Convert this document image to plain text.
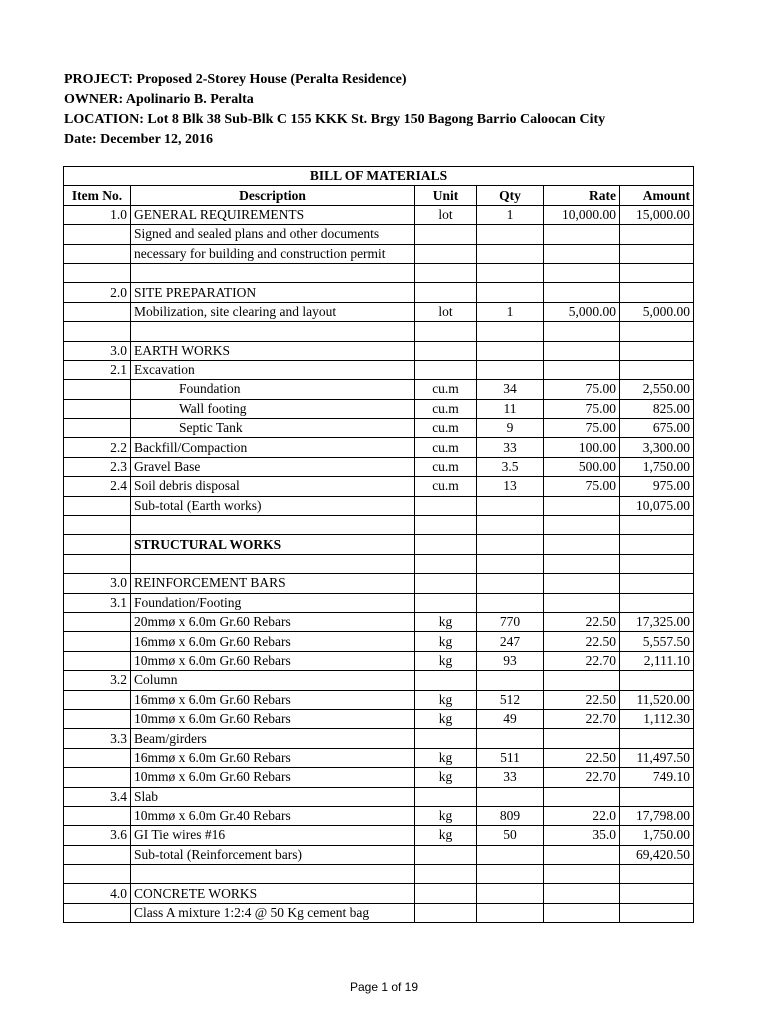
PROJECT: Proposed 2-Storey House (Peralta Residence)
OWNER: Apolinario B. Peralta
LOCATION: Lot 8 Blk 38 Sub-Blk C 155 KKK St. Brgy 150 Bagong Barrio Caloocan City
Date: December 12, 2016
BILL OF MATERIALS					
Item No.	Description	Unit	Qty	Rate	Amount
1.0	GENERAL REQUIREMENTS	lot	1	10,000.00	15,000.00
	Signed and sealed plans and other documents				
	necessary for building and construction permit				

2.0	SITE PREPARATION				
	Mobilization, site clearing and layout	lot	1	5,000.00	5,000.00

3.0	EARTH WORKS				
2.1	Excavation				
	Foundation	cu.m	34	75.00	2,550.00
	Wall footing	cu.m	11	75.00	825.00
	Septic Tank	cu.m	9	75.00	675.00
2.2	Backfill/Compaction	cu.m	33	100.00	3,300.00
2.3	Gravel Base	cu.m	3.5	500.00	1,750.00
2.4	Soil debris disposal	cu.m	13	75.00	975.00
	Sub-total (Earth works)				10,075.00

	STRUCTURAL WORKS				

3.0	REINFORCEMENT BARS				
3.1	Foundation/Footing				
	20mmø x 6.0m Gr.60 Rebars	kg	770	22.50	17,325.00
	16mmø x 6.0m Gr.60 Rebars	kg	247	22.50	5,557.50
	10mmø x 6.0m Gr.60 Rebars	kg	93	22.70	2,111.10
3.2	Column				
	16mmø x 6.0m Gr.60 Rebars	kg	512	22.50	11,520.00
	10mmø x 6.0m Gr.60 Rebars	kg	49	22.70	1,112.30
3.3	Beam/girders				
	16mmø x 6.0m Gr.60 Rebars	kg	511	22.50	11,497.50
	10mmø x 6.0m Gr.60 Rebars	kg	33	22.70	749.10
3.4	Slab				
	10mmø x 6.0m Gr.40 Rebars	kg	809	22.0	17,798.00
3.6	GI Tie wires #16	kg	50	35.0	1,750.00
	Sub-total (Reinforcement bars)				69,420.50

4.0	CONCRETE WORKS				
	Class A mixture 1:2:4 @ 50 Kg cement bag				
Page 1 of 19
